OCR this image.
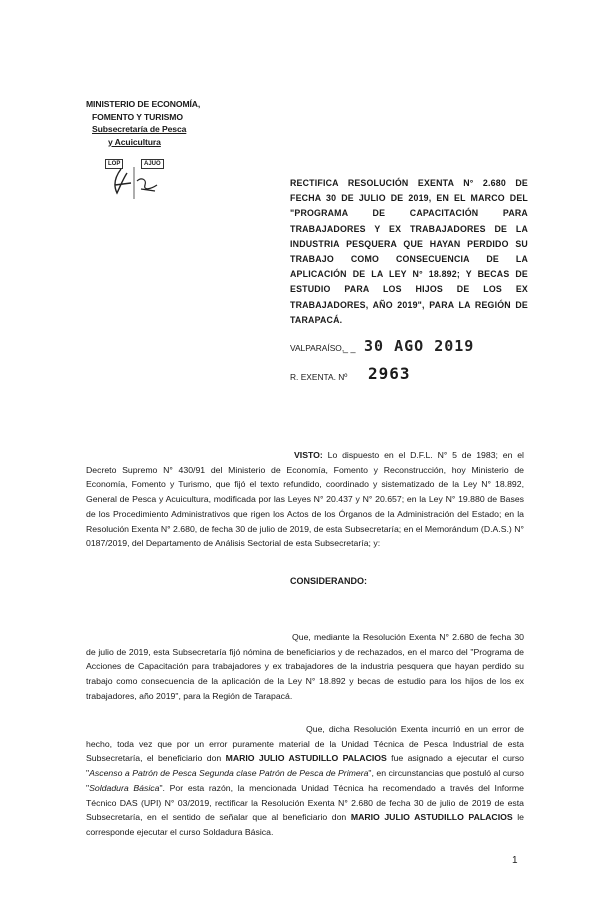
MINISTERIO DE ECONOMÍA,
FOMENTO Y TURISMO
Subsecretaría de Pesca
y Acuicultura
LOP	AJUO
RECTIFICA RESOLUCIÓN EXENTA N° 2.680 DE FECHA 30 DE JULIO DE 2019, EN EL MARCO DEL "PROGRAMA DE CAPACITACIÓN PARA TRABAJADORES Y EX TRABAJADORES DE LA INDUSTRIA PESQUERA QUE HAYAN PERDIDO SU TRABAJO COMO CONSECUENCIA DE LA APLICACIÓN DE LA LEY N° 18.892; Y BECAS DE ESTUDIO PARA LOS HIJOS DE LOS EX TRABAJADORES, AÑO 2019", PARA LA REGIÓN DE TARAPACÁ.
VALPARAÍSO,
_ _ 30 AGO 2019
R. EXENTA. Nº 2963
VISTO: Lo dispuesto en el D.F.L. N° 5 de 1983; en el Decreto Supremo N° 430/91 del Ministerio de Economía, Fomento y Reconstrucción, hoy Ministerio de Economía, Fomento y Turismo, que fijó el texto refundido, coordinado y sistematizado de la Ley N° 18.892, General de Pesca y Acuicultura, modificada por las Leyes N° 20.437 y N° 20.657; en la Ley N° 19.880 de Bases de los Procedimiento Administrativos que rigen los Actos de los Órganos de la Administración del Estado; en la Resolución Exenta N° 2.680, de fecha 30 de julio de 2019, de esta Subsecretaría; en el Memorándum (D.A.S.) N° 0187/2019, del Departamento de Análisis Sectorial de esta Subsecretaría; y:
CONSIDERANDO:
Que, mediante la Resolución Exenta N° 2.680 de fecha 30 de julio de 2019, esta Subsecretaría fijó nómina de beneficiarios y de rechazados, en el marco del "Programa de Acciones de Capacitación para trabajadores y ex trabajadores de la industria pesquera que hayan perdido su trabajo como consecuencia de la aplicación de la Ley N° 18.892 y becas de estudio para los hijos de los ex trabajadores, año 2019", para la Región de Tarapacá.
Que, dicha Resolución Exenta incurrió en un error de hecho, toda vez que por un error puramente material de la Unidad Técnica de Pesca Industrial de esta Subsecretaría, el beneficiario don MARIO JULIO ASTUDILLO PALACIOS fue asignado a ejecutar el curso "Ascenso a Patrón de Pesca Segunda clase Patrón de Pesca de Primera", en circunstancias que postuló al curso "Soldadura Básica". Por esta razón, la mencionada Unidad Técnica ha recomendado a través del Informe Técnico DAS (UPI) N° 03/2019, rectificar la Resolución Exenta N° 2.680 de fecha 30 de julio de 2019 de esta Subsecretaría, en el sentido de señalar que al beneficiario don MARIO JULIO ASTUDILLO PALACIOS le corresponde ejecutar el curso Soldadura Básica.
1
